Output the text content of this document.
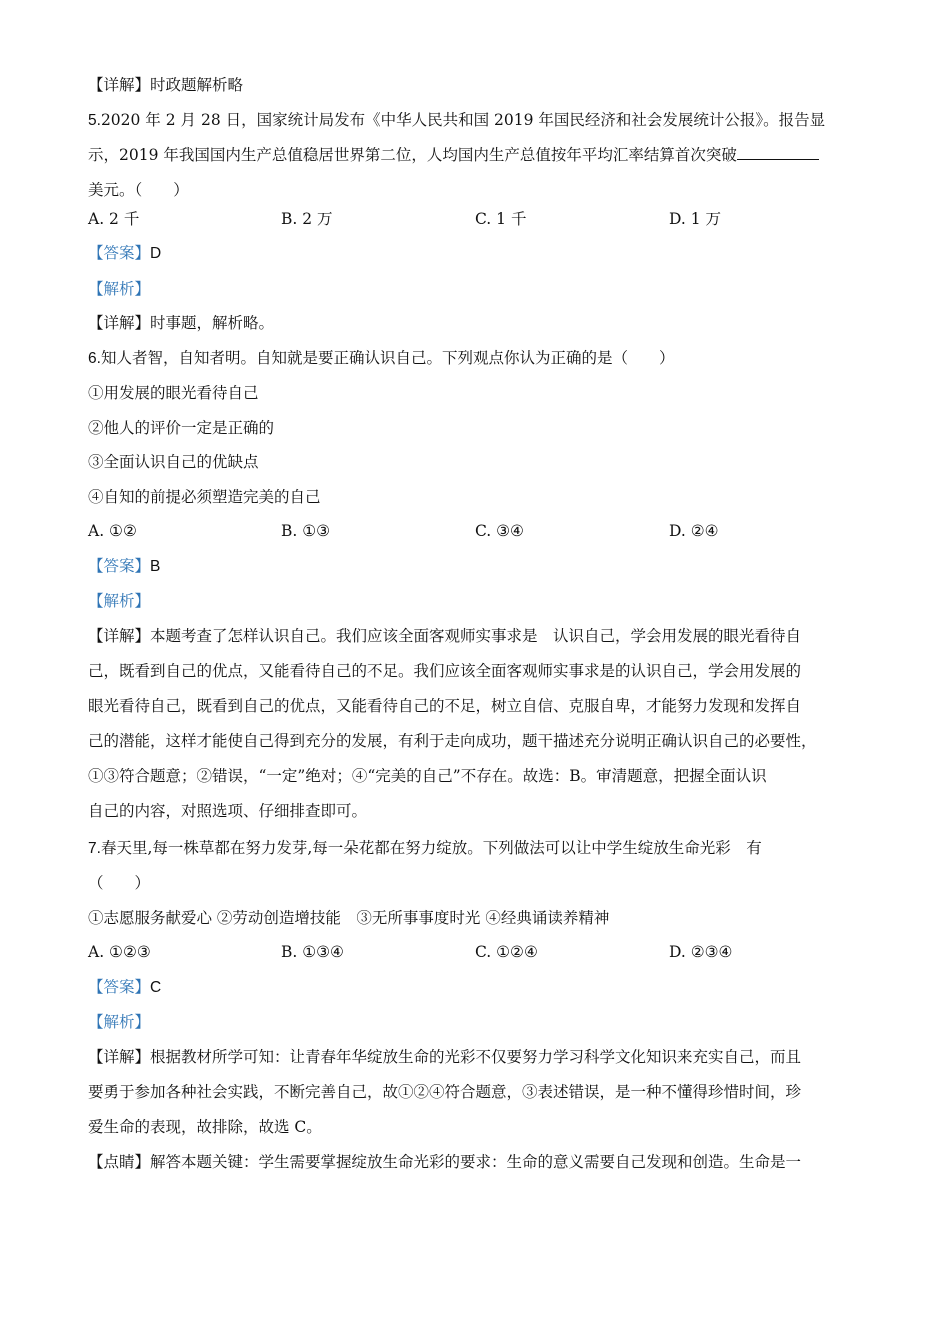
【详解】时政题解析略
5.2020 年 2 月 28 日，国家统计局发布《中华人民共和国 2019 年国民经济和社会发展统计公报》。报告显
示，2019 年我国国内生产总值稳居世界第二位，人均国内生产总值按年平均汇率结算首次突破
美元。（　　）
A. 2 千	B. 2 万	C. 1 千	D. 1 万
【答案】D
【解析】
【详解】时事题，解析略。
6.知人者智，自知者明。自知就是要正确认识自己。下列观点你认为正确的是（　　）
①用发展的眼光看待自己
②他人的评价一定是正确的
③全面认识自己的优缺点
④自知的前提必须塑造完美的自己
A. ①②	B. ①③	C. ③④	D. ②④
【答案】B
【解析】
【详解】本题考查了怎样认识自己。我们应该全面客观师实事求是　认识自己，学会用发展的眼光看待自
己，既看到自己的优点，又能看待自己的不足。我们应该全面客观师实事求是的认识自己，学会用发展的
眼光看待自己，既看到自己的优点，又能看待自己的不足，树立自信、克服自卑，才能努力发现和发挥自
己的潜能，这样才能使自己得到充分的发展，有利于走向成功，题干描述充分说明正确认识自己的必要性，
①③符合题意；②错误，“一定”绝对；④“完美的自己”不存在。故选：B。审清题意，把握全面认识
自己的内容，对照选项、仔细排查即可。
7.春天里,每一株草都在努力发芽,每一朵花都在努力绽放。下列做法可以让中学生绽放生命光彩　有
（　　）
①志愿服务献爱心 ②劳动创造增技能　③无所事事度时光 ④经典诵读养精神
A. ①②③	B. ①③④	C. ①②④	D. ②③④
【答案】C
【解析】
【详解】根据教材所学可知：让青春年华绽放生命的光彩不仅要努力学习科学文化知识来充实自己，而且
要勇于参加各种社会实践，不断完善自己，故①②④符合题意，③表述错误，是一种不懂得珍惜时间，珍
爱生命的表现，故排除，故选 C。
【点睛】解答本题关键：学生需要掌握绽放生命光彩的要求：生命的意义需要自己发现和创造。生命是一
